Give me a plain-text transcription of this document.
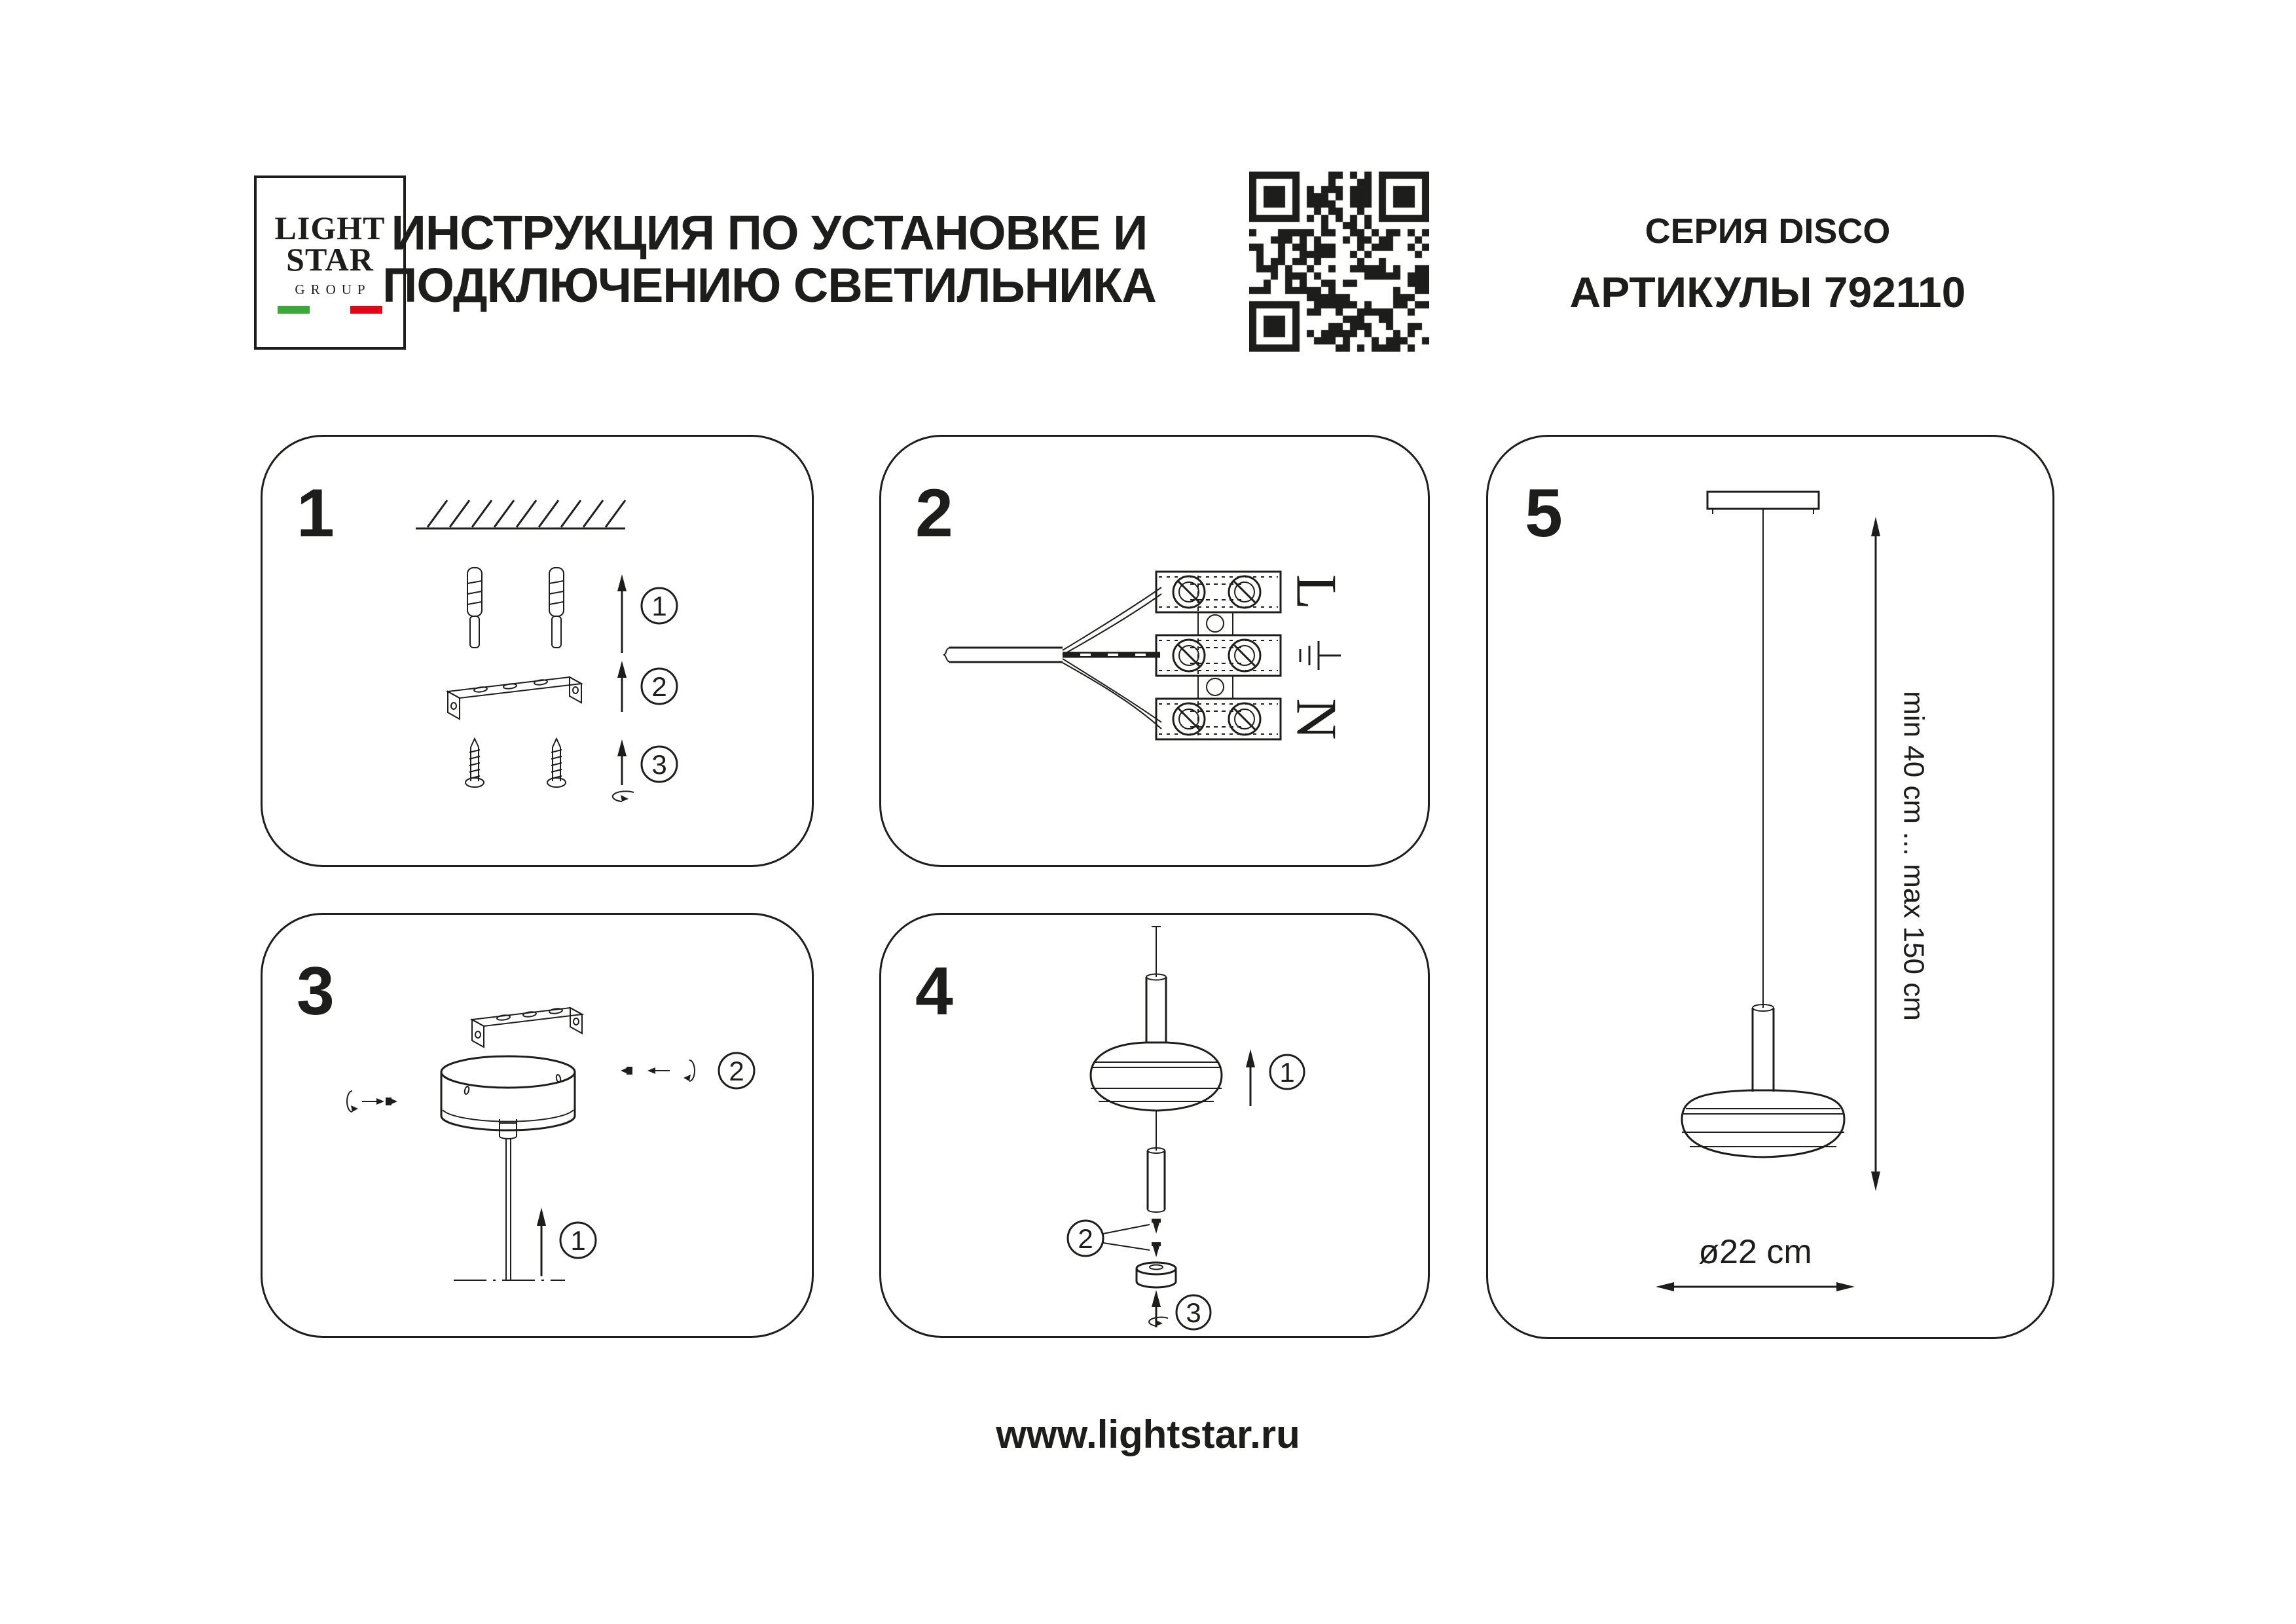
LIGHT
STAR
GROUP
ИНСТРУКЦИЯ ПО УСТАНОВКЕ И
ПОДКЛЮЧЕНИЮ СВЕТИЛЬНИКА
СЕРИЯ DISCO
АРТИКУЛЫ 792110
1
1
2
3
2
L
N
3
2
1
4
2
3
1
5
min 40 cm ... max 150 cm
ø22 cm
www.lightstar.ru
